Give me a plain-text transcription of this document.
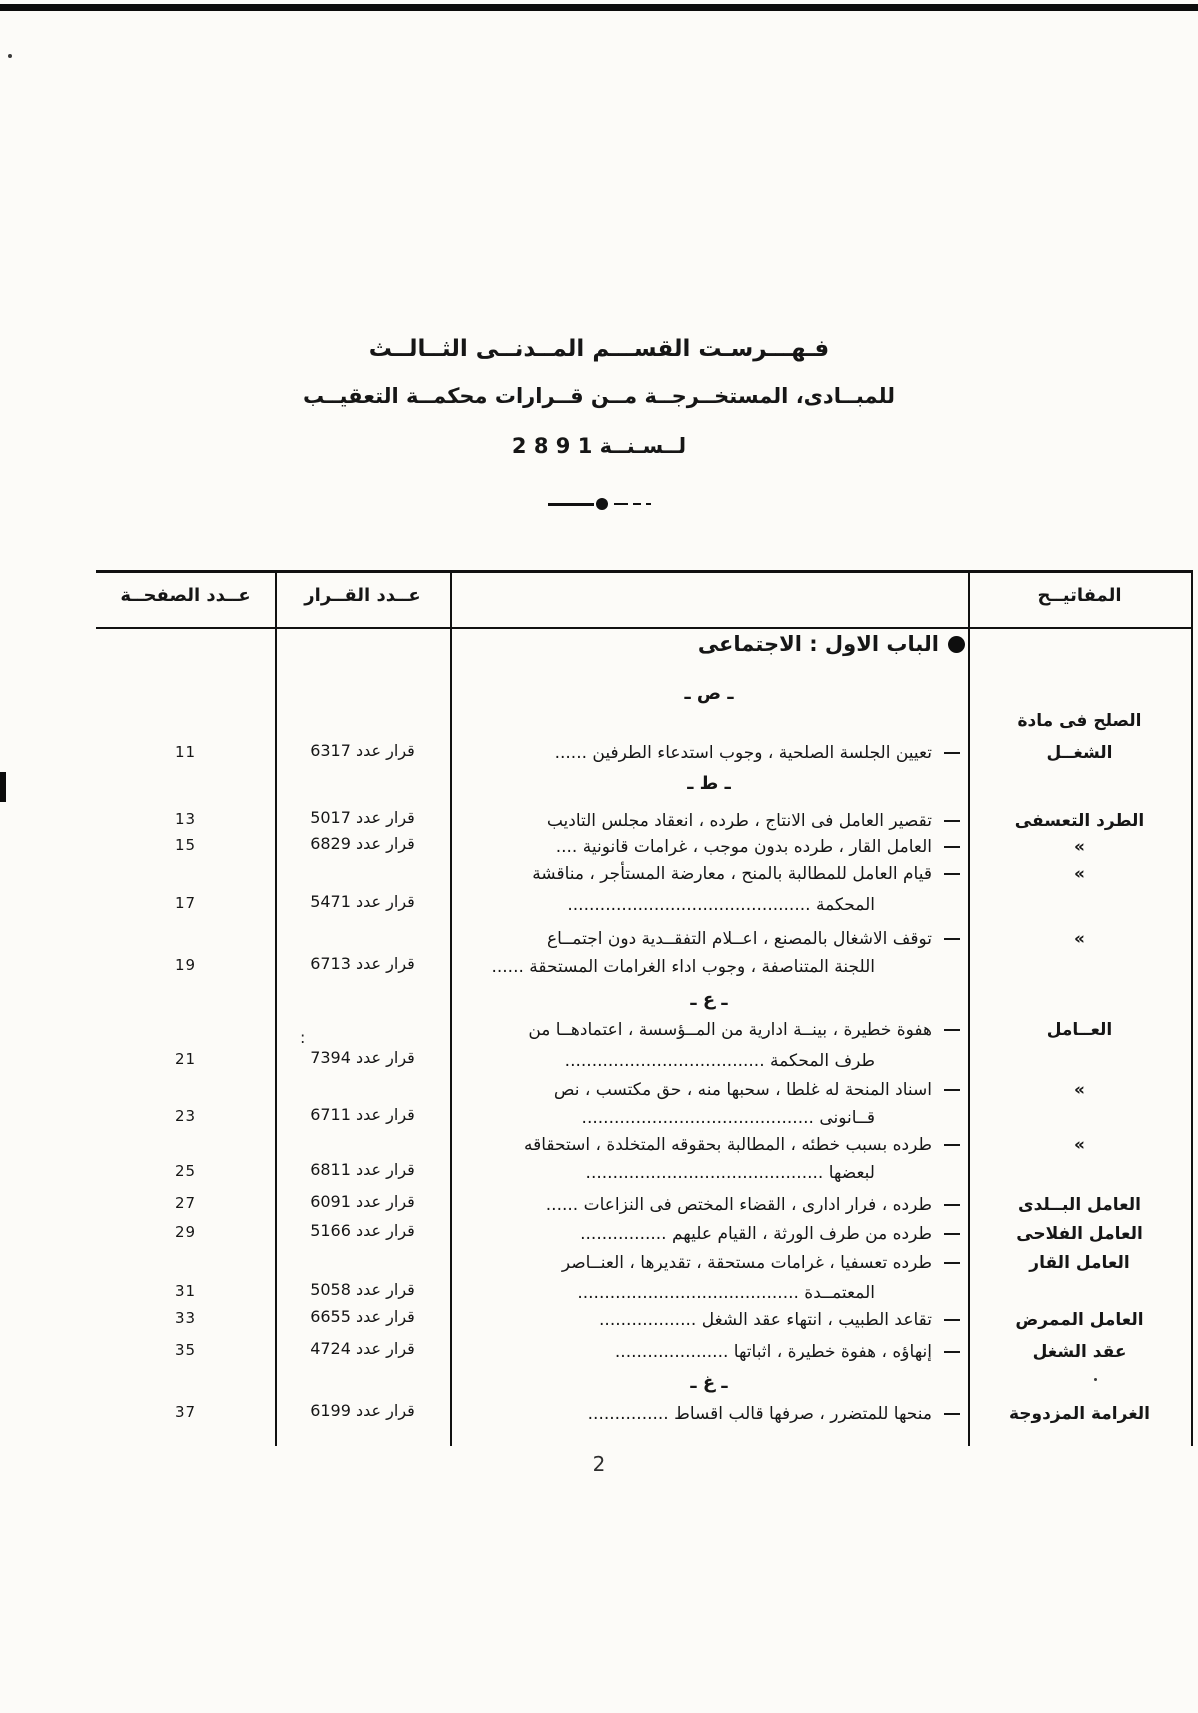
:
فـهـــرسـت القســـم المــدنــى الثــالــث
للمبــادى، المستخــرجــة مــن قــرارات محكمــة التعقيــب
لــسـنــة 1 9 8 2
عــدد الصفحــة	عــدد القــرار	المفاتيــح
الباب الاول : الاجتماعى
ـ ص ـ
الصلح فى مادة
الشغــل
تعيين الجلسة الصلحية ، وجوب استدعاء الطرفين ......
قرار عدد 6317
11
ـ ط ـ
الطرد التعسفى
تقصير العامل فى الانتاج ، طرده ، انعقاد مجلس التاديب
قرار عدد 5017
13
»
العامل القار ، طرده بدون موجب ، غرامات قانونية ....
قرار عدد 6829
15
»
قيام العامل للمطالبة بالمنح ، معارضة المستأجر ، مناقشة
المحكمة .............................................
قرار عدد 5471
17
»
توقف الاشغال بالمصنع ، اعــلام التفقــدية دون اجتمــاع
اللجنة المتناصفة ، وجوب اداء الغرامات المستحقة ......
قرار عدد 6713
19
ـ ع ـ
العــامل
هفوة خطيرة ، بينــة ادارية من المــؤسسة ، اعتمادهــا من
طرف المحكمة .....................................
قرار عدد 7394
21
»
اسناد المنحة له غلطا ، سحبها منه ، حق مكتسب ، نص
قــانونى ...........................................
قرار عدد 6711
23
»
طرده بسبب خطئه ، المطالبة بحقوقه المتخلدة ، استحقاقه
لبعضها ............................................
قرار عدد 6811
25
العامل البــلدى
طرده ، فرار ادارى ، القضاء المختص فى النزاعات ......
قرار عدد 6091
27
العامل الفلاحى
طرده من طرف الورثة ، القيام عليهم ................
قرار عدد 5166
29
العامل القار
طرده تعسفيا ، غرامات مستحقة ، تقديرها ، العنــاصر
المعتمــدة .........................................
قرار عدد 5058
31
العامل الممرض
تقاعد الطبيب ، انتهاء عقد الشغل ..................
قرار عدد 6655
33
عقد الشغل
إنهاؤه ، هفوة خطيرة ، اثباتها .....................
قرار عدد 4724
35
ـ غ ـ
الغرامة المزدوجة
منحها للمتضرر ، صرفها قالب اقساط ...............
قرار عدد 6199
37
2
